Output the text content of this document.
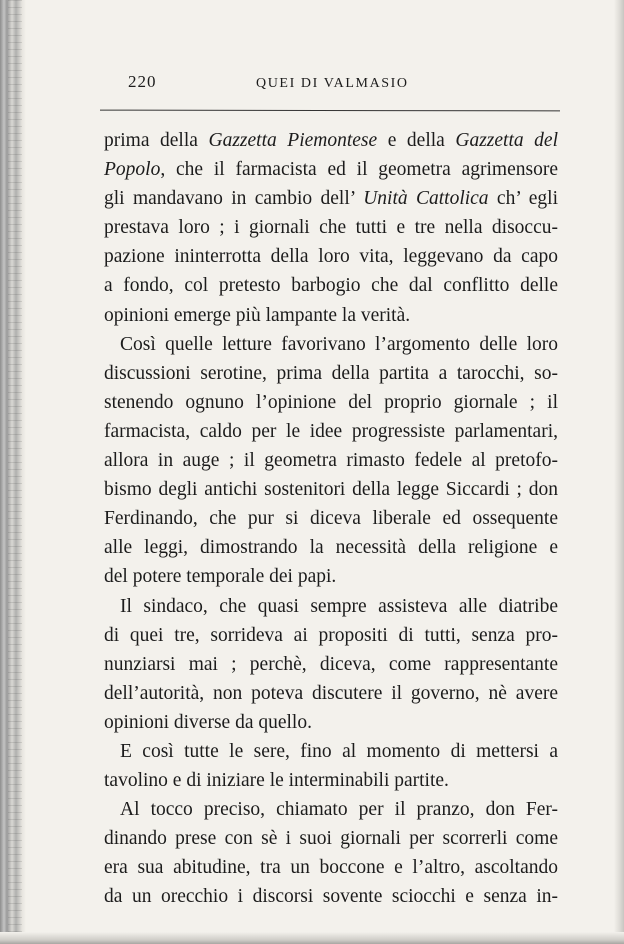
220	QUEI DI VALMASIO
prima della Gazzetta Piemontese e della Gazzetta del
Popolo, che il farmacista ed il geometra agrimensore
gli mandavano in cambio dell’ Unità Cattolica ch’ egli
prestava loro ; i giornali che tutti e tre nella disoccu-
pazione ininterrotta della loro vita, leggevano da capo
a fondo, col pretesto barbogio che dal conflitto delle
opinioni emerge più lampante la verità.
Così quelle letture favorivano l’argomento delle loro
discussioni serotine, prima della partita a tarocchi, so-
stenendo ognuno l’opinione del proprio giornale ; il
farmacista, caldo per le idee progressiste parlamentari,
allora in auge ; il geometra rimasto fedele al pretofo-
bismo degli antichi sostenitori della legge Siccardi ; don
Ferdinando, che pur si diceva liberale ed ossequente
alle leggi, dimostrando la necessità della religione e
del potere temporale dei papi.
Il sindaco, che quasi sempre assisteva alle diatribe
di quei tre, sorrideva ai propositi di tutti, senza pro-
nunziarsi mai ; perchè, diceva, come rappresentante
dell’autorità, non poteva discutere il governo, nè avere
opinioni diverse da quello.
E così tutte le sere, fino al momento di mettersi a
tavolino e di iniziare le interminabili partite.
Al tocco preciso, chiamato per il pranzo, don Fer-
dinando prese con sè i suoi giornali per scorrerli come
era sua abitudine, tra un boccone e l’altro, ascoltando
da un orecchio i discorsi sovente sciocchi e senza in-
